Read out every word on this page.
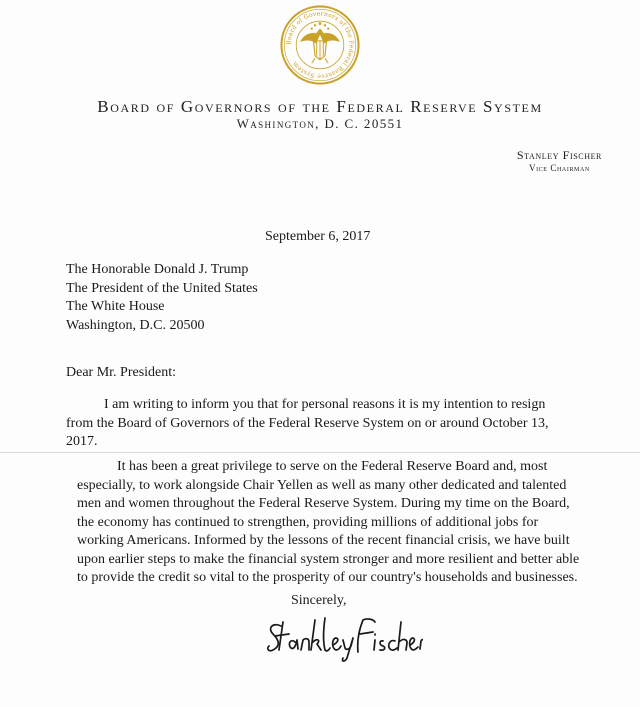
Board of Governors of the Federal Reserve System
Board of Governors of the Federal Reserve System
Washington, D. C. 20551
Stanley Fischer
Vice Chairman
September 6, 2017
The Honorable Donald J. Trump
The President of the United States
The White House
Washington, D.C. 20500
Dear Mr. President:
I am writing to inform you that for personal reasons it is my intention to resign
from the Board of Governors of the Federal Reserve System on or around October 13,
2017.
It has been a great privilege to serve on the Federal Reserve Board and, most
especially, to work alongside Chair Yellen as well as many other dedicated and talented
men and women throughout the Federal Reserve System. During my time on the Board,
the economy has continued to strengthen, providing millions of additional jobs for
working Americans. Informed by the lessons of the recent financial crisis, we have built
upon earlier steps to make the financial system stronger and more resilient and better able
to provide the credit so vital to the prosperity of our country's households and businesses.
Sincerely,
